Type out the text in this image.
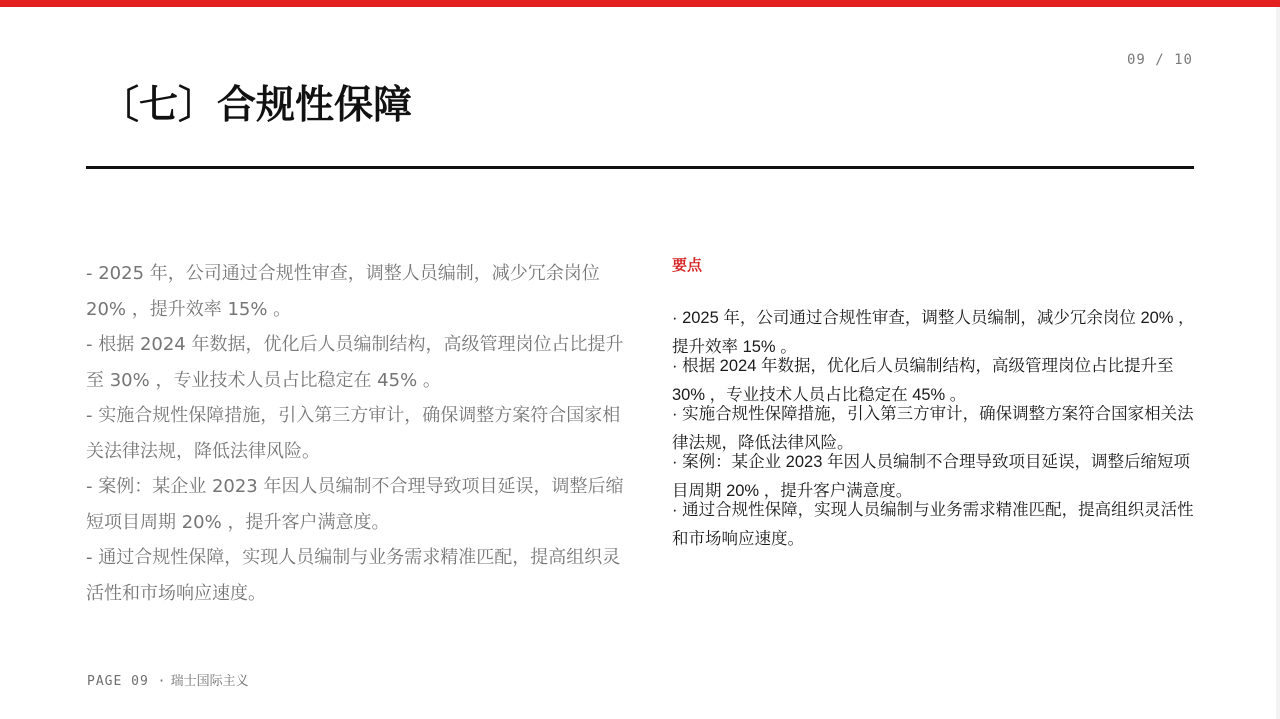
09 / 10
〔七〕合规性保障

- 2025 年，公司通过合规性审查，调整人员编制，减少冗余岗位 20% ，提升效率 15% 。

- 根据 2024 年数据，优化后人员编制结构，高级管理岗位占比提升至 30% ，专业技术人员占比稳定在 45% 。

- 实施合规性保障措施，引入第三方审计，确保调整方案符合国家相关法律法规，降低法律风险。

- 案例：某企业 2023 年因人员编制不合理导致项目延误，调整后缩短项目周期 20% ，提升客户满意度。

- 通过合规性保障，实现人员编制与业务需求精准匹配，提高组织灵活性和市场响应速度。

要点

· 2025 年，公司通过合规性审查，调整人员编制，减少冗余岗位 20% ，提升效率 15% 。

· 根据 2024 年数据，优化后人员编制结构，高级管理岗位占比提升至 30% ，专业技术人员占比稳定在 45% 。

· 实施合规性保障措施，引入第三方审计，确保调整方案符合国家相关法律法规，降低法律风险。

· 案例：某企业 2023 年因人员编制不合理导致项目延误，调整后缩短项目周期 20% ，提升客户满意度。

· 通过合规性保障，实现人员编制与业务需求精准匹配，提高组织灵活性和市场响应速度。

PAGE 09 · 瑞士国际主义
